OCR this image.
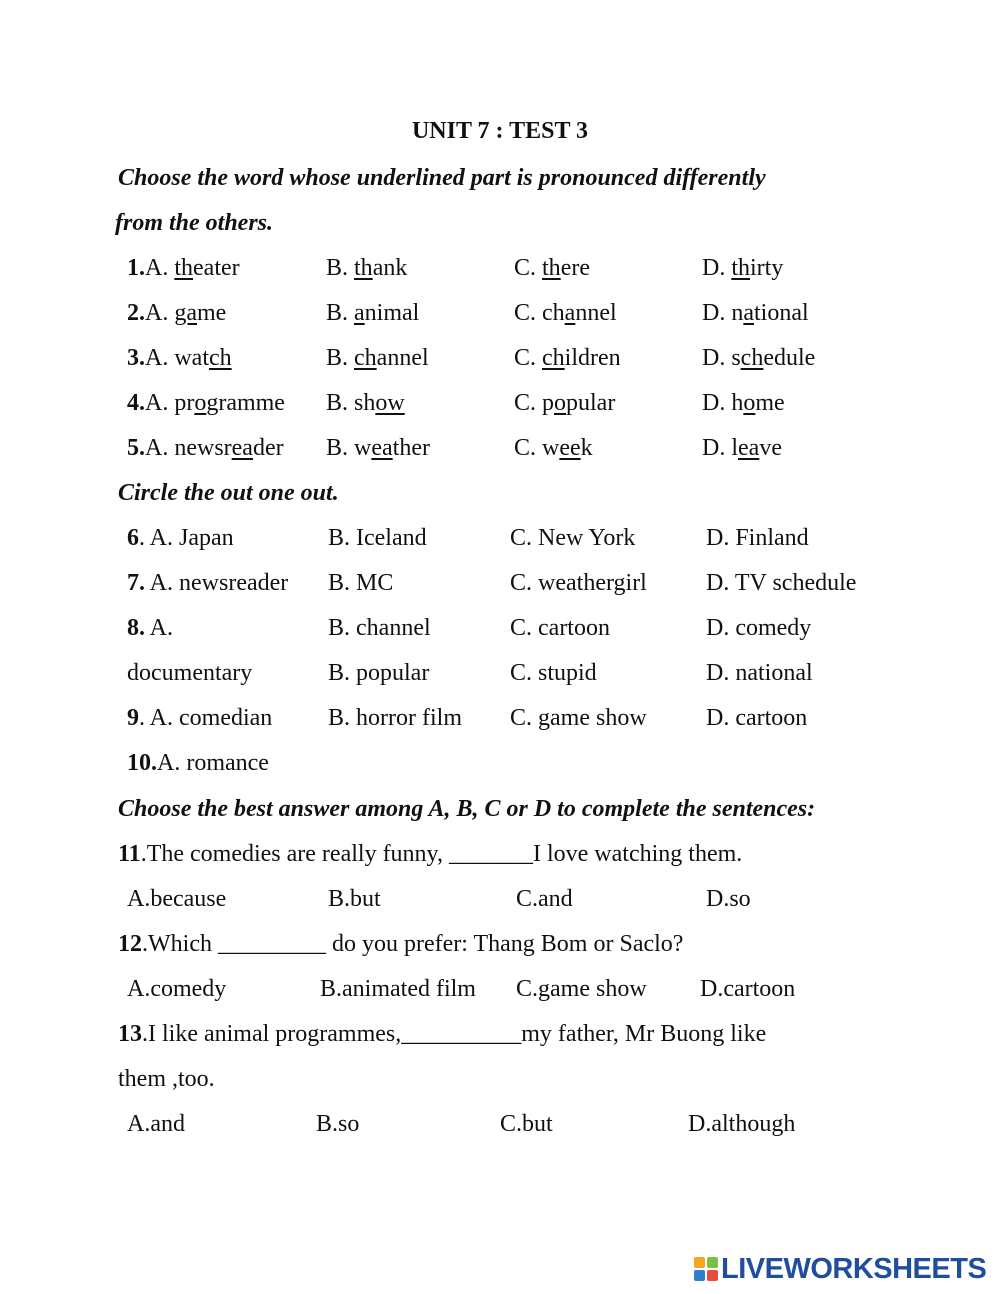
UNIT 7 : TEST 3
Choose the word whose underlined part is pronounced differently
from the others.
1.A. theater	B. thank	C. there	D. thirty
2.A. game	B. animal	C. channel	D. national
3.A. watch	B. channel	C. children	D. schedule
4.A. programme B. show	C. popular	D. home
5.A. newsreader B. weather	C. week	D. leave
Circle the out one out.
6. A. Japan	B. Iceland	C. New York	D. Finland
7. A. newsreader B. MC	C. weathergirl D. TV schedule
8. A.	B. channel	C. cartoon	D. comedy
documentary	B. popular	C. stupid	D. national
9. A. comedian B. horror film C. game show D. cartoon
10.A. romance
Choose the best answer among A, B, C or D to complete the sentences:
11.The comedies are really funny, _______I love watching them.
A.because	B.but	C.and	D.so
12.Which _________ do you prefer: Thang Bom or Saclo?
A.comedy	B.animated film C.game show D.cartoon
13.I like animal programmes,__________my father, Mr Buong like
them ,too.
A.and	B.so	C.but	D.although
LIVEWORKSHEETS
